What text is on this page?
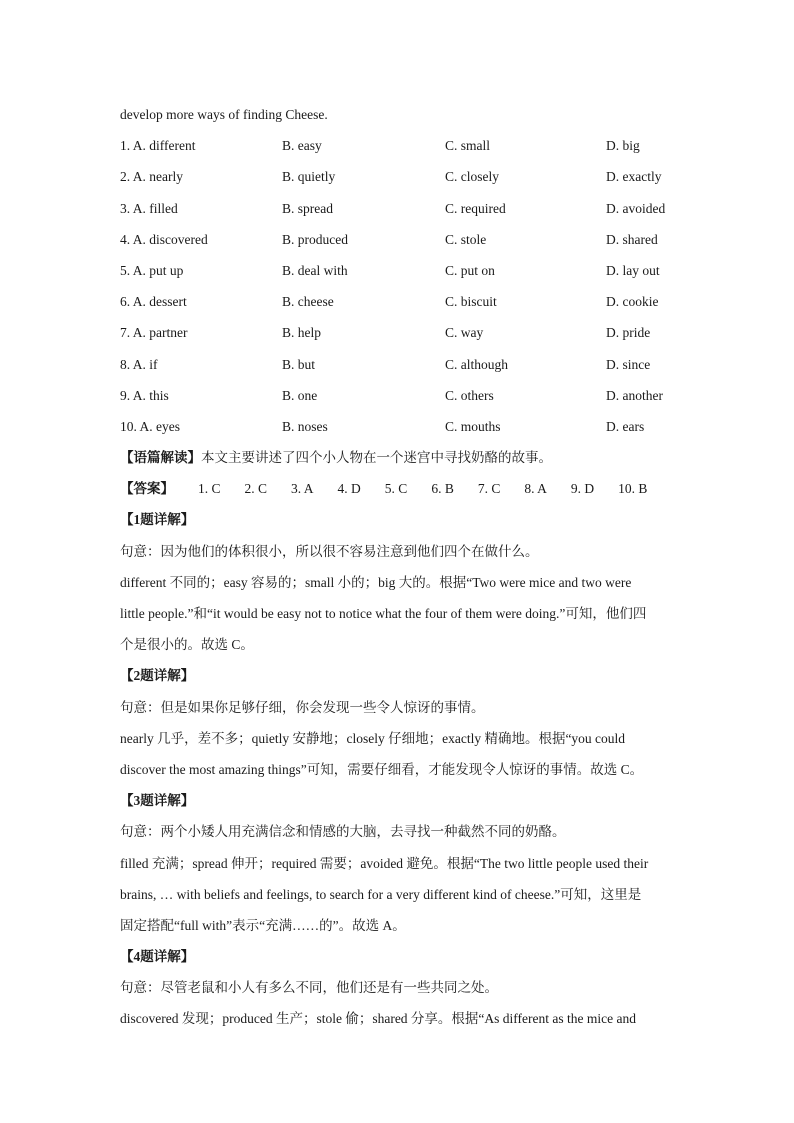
develop more ways of finding Cheese.
1. A. different	B. easy	C. small	D. big
2. A. nearly	B. quietly	C. closely	D. exactly
3. A. filled	B. spread	C. required	D. avoided
4. A. discovered	B. produced	C. stole	D. shared
5. A. put up	B. deal with	C. put on	D. lay out
6. A. dessert	B. cheese	C. biscuit	D. cookie
7. A. partner	B. help	C. way	D. pride
8. A. if	B. but	C. although	D. since
9. A. this	B. one	C. others	D. another
10. A. eyes	B. noses	C. mouths	D. ears
【语篇解读】本文主要讲述了四个小人物在一个迷宫中寻找奶酪的故事。
【答案】 1. C 2. C 3. A 4. D 5. C 6. B 7. C 8. A 9. D 10. B
【1题详解】
句意：因为他们的体积很小，所以很不容易注意到他们四个在做什么。
different 不同的；easy 容易的；small 小的；big 大的。根据“Two were mice and two were
little people.”和“it would be easy not to notice what the four of them were doing.”可知，他们四
个是很小的。故选 C。
【2题详解】
句意：但是如果你足够仔细，你会发现一些令人惊讶的事情。
nearly 几乎，差不多；quietly 安静地；closely 仔细地；exactly 精确地。根据“you could
discover the most amazing things”可知，需要仔细看，才能发现令人惊讶的事情。故选 C。
【3题详解】
句意：两个小矮人用充满信念和情感的大脑，去寻找一种截然不同的奶酪。
filled 充满；spread 伸开；required 需要；avoided 避免。根据“The two little people used their
brains, … with beliefs and feelings, to search for a very different kind of cheese.”可知，这里是
固定搭配“full with”表示“充满……的”。故选 A。
【4题详解】
句意：尽管老鼠和小人有多么不同，他们还是有一些共同之处。
discovered 发现；produced 生产；stole 偷；shared 分享。根据“As different as the mice and
